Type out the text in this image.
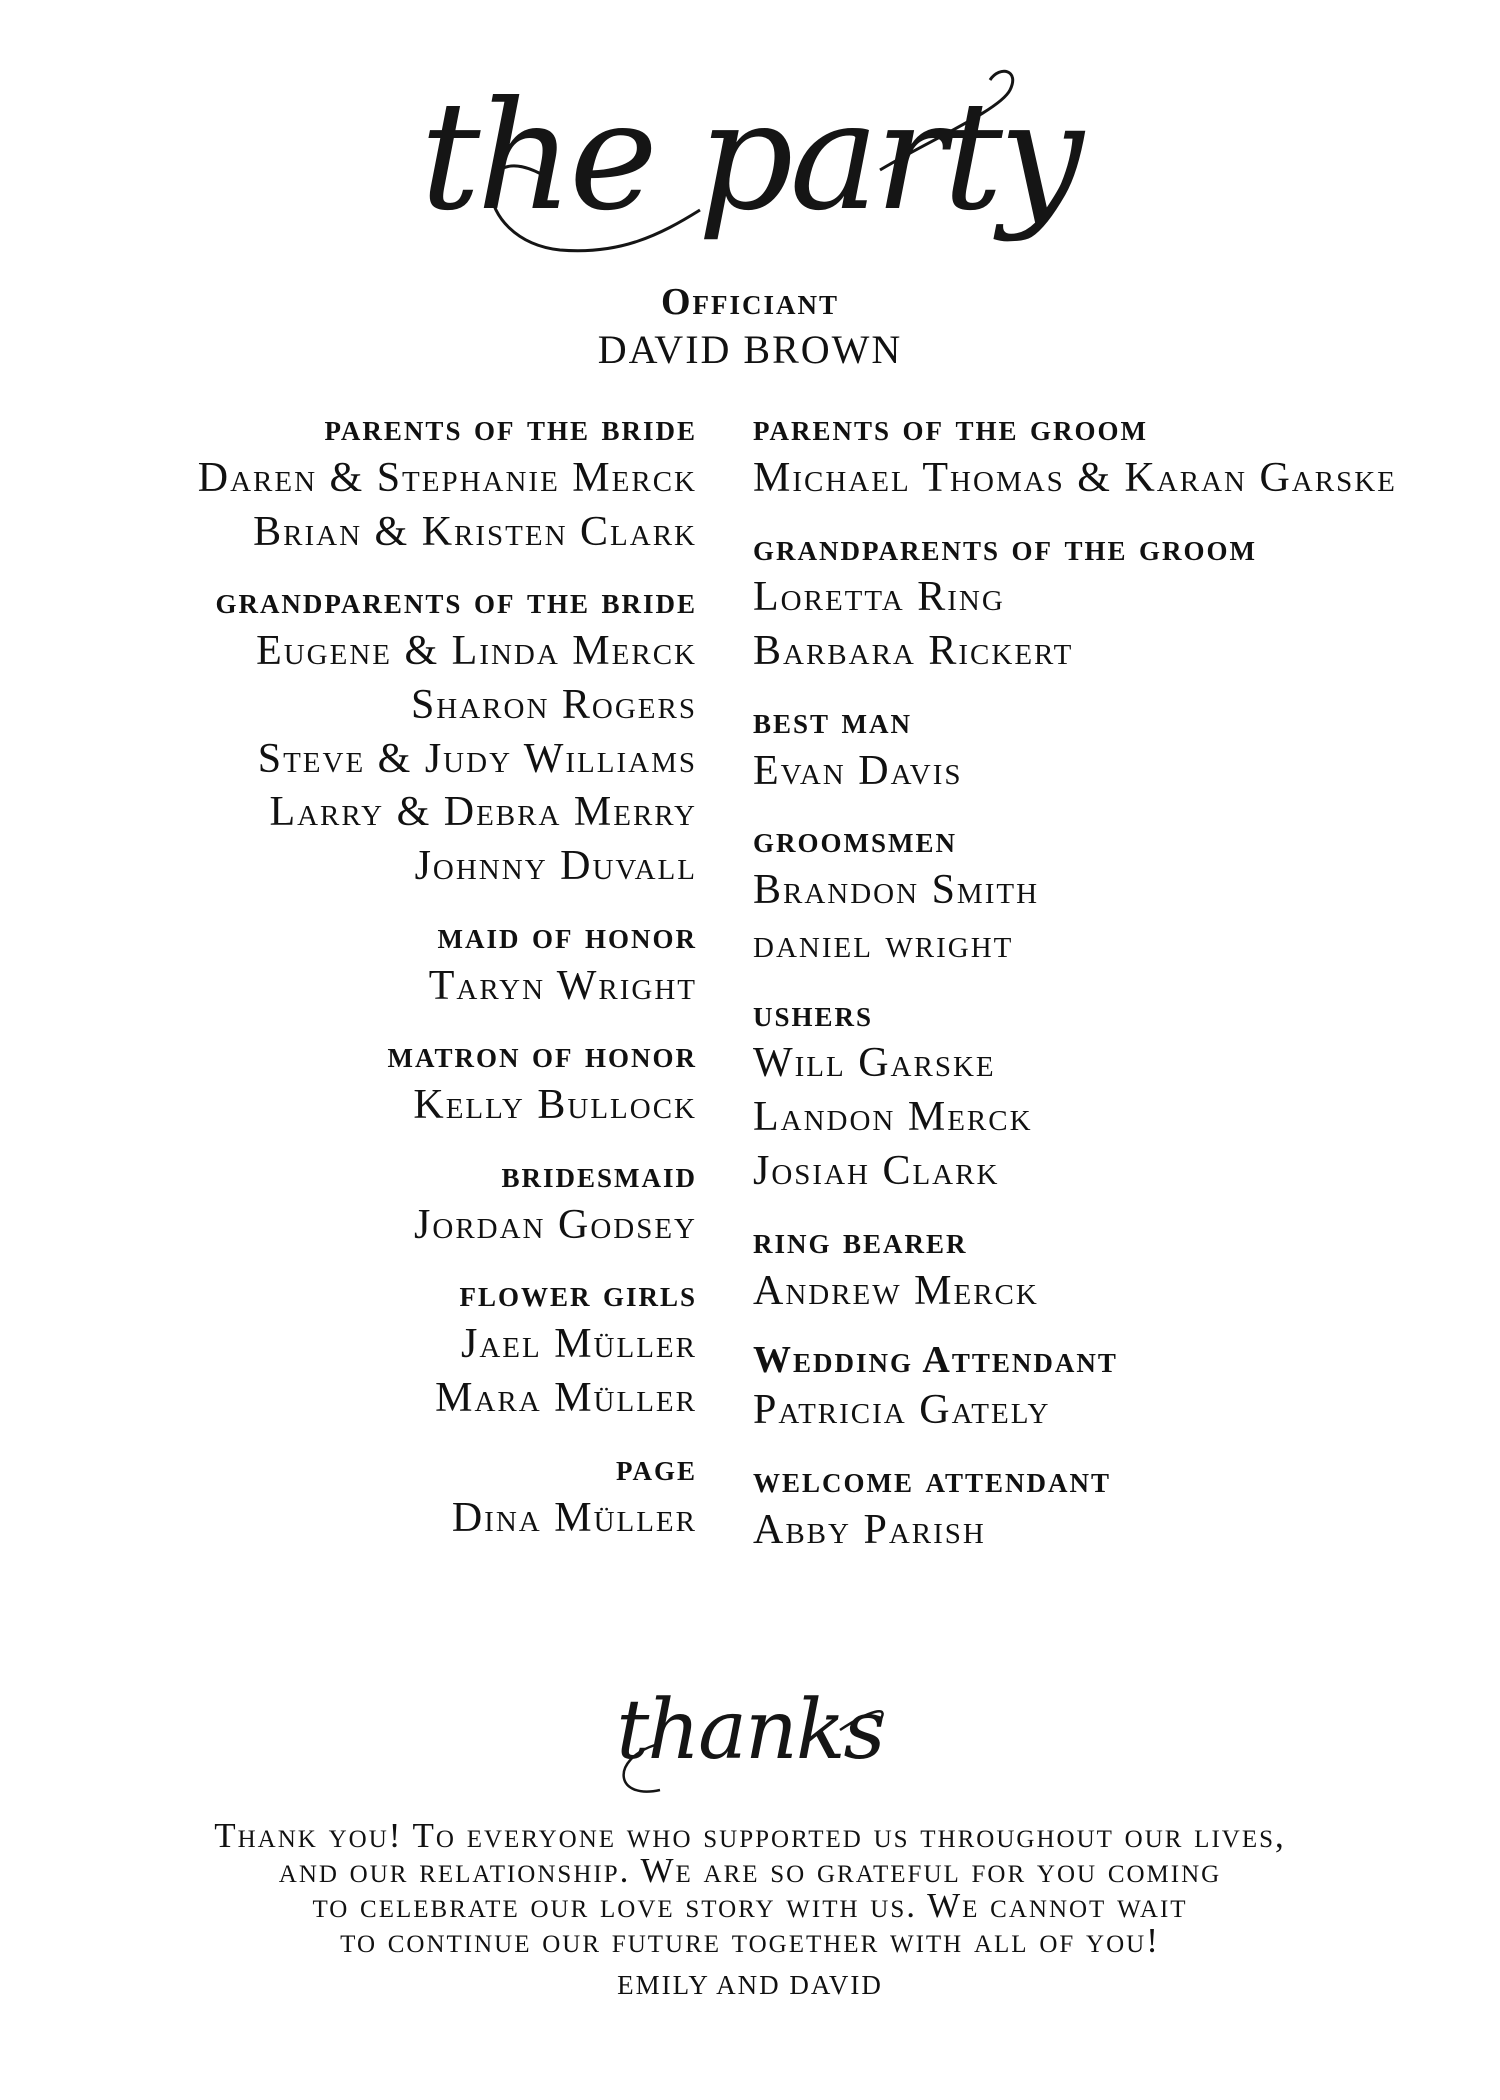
the party
Officiant
DAVID BROWN
parents of the bride
Daren & Stephanie Merck
Brian & Kristen Clark
grandparents of the bride
Eugene & Linda Merck
Sharon Rogers
Steve & Judy Williams
Larry & Debra Merry
Johnny Duvall
maid of honor
Taryn Wright
matron of honor
Kelly Bullock
bridesmaid
Jordan Godsey
flower girls
Jael Müller
Mara Müller
page
Dina Müller
parents of the groom
Michael Thomas & Karan Garske
grandparents of the groom
Loretta Ring
Barbara Rickert
best man
Evan Davis
groomsmen
Brandon Smith
daniel wright
ushers
Will Garske
Landon Merck
Josiah Clark
ring bearer
Andrew Merck
Wedding Attendant
Patricia Gately
welcome attendant
Abby Parish
thanks
Thank you! To everyone who supported us throughout our lives,
and our relationship. We are so grateful for you coming
to celebrate our love story with us. We cannot wait
to continue our future together with all of you!
EMILY AND DAVID
